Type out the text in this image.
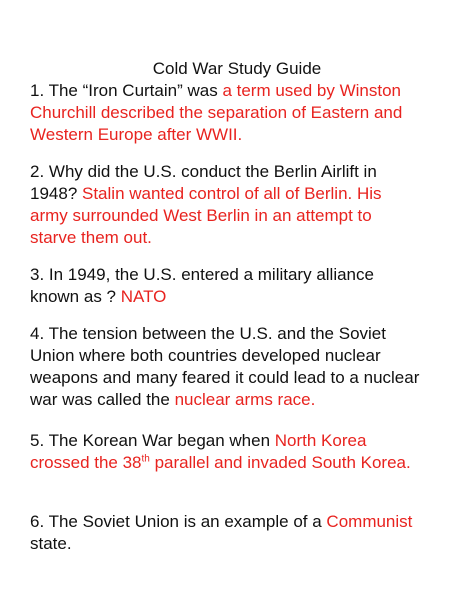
Cold War Study Guide
1. The “Iron Curtain” was a term used by Winston
Churchill described the separation of Eastern and
Western Europe after WWII.
2. Why did the U.S. conduct the Berlin Airlift in
1948? Stalin wanted control of all of Berlin. His
army surrounded West Berlin in an attempt to
starve them out.
3. In 1949, the U.S. entered a military alliance
known as ? NATO
4. The tension between the U.S. and the Soviet
Union where both countries developed nuclear
weapons and many feared it could lead to a nuclear
war was called the nuclear arms race.
5. The Korean War began when North Korea
crossed the 38th parallel and invaded South Korea.
6. The Soviet Union is an example of a Communist
state.
